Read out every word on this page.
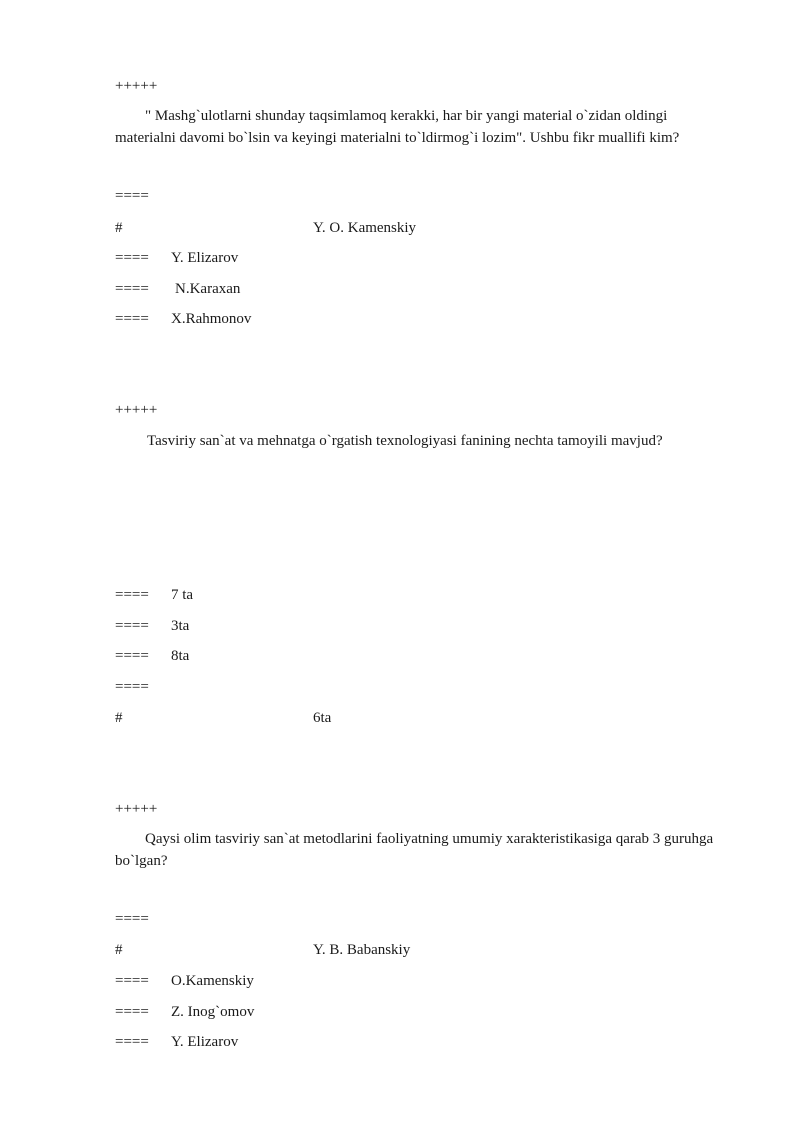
+++++
" Mashg`ulotlarni shunday taqsimlamoq kerakki, har bir yangi material o`zidan oldingi materialni davomi bo`lsin va keyingi materialni to`ldirmog`i lozim". Ushbu fikr muallifi kim?
====
#	Y. O. Kamenskiy
==== Y. Elizarov
==== N.Karaxan
==== X.Rahmonov
+++++
Tasviriy san`at va mehnatga o`rgatish texnologiyasi fanining nechta tamoyili mavjud?
==== 7 ta
==== 3ta
==== 8ta
====
#	6ta
+++++
Qaysi olim tasviriy san`at metodlarini faoliyatning umumiy xarakteristikasiga qarab 3 guruhga bo`lgan?
====
#	Y. B. Babanskiy
==== O.Kamenskiy
==== Z. Inog`omov
==== Y. Elizarov
